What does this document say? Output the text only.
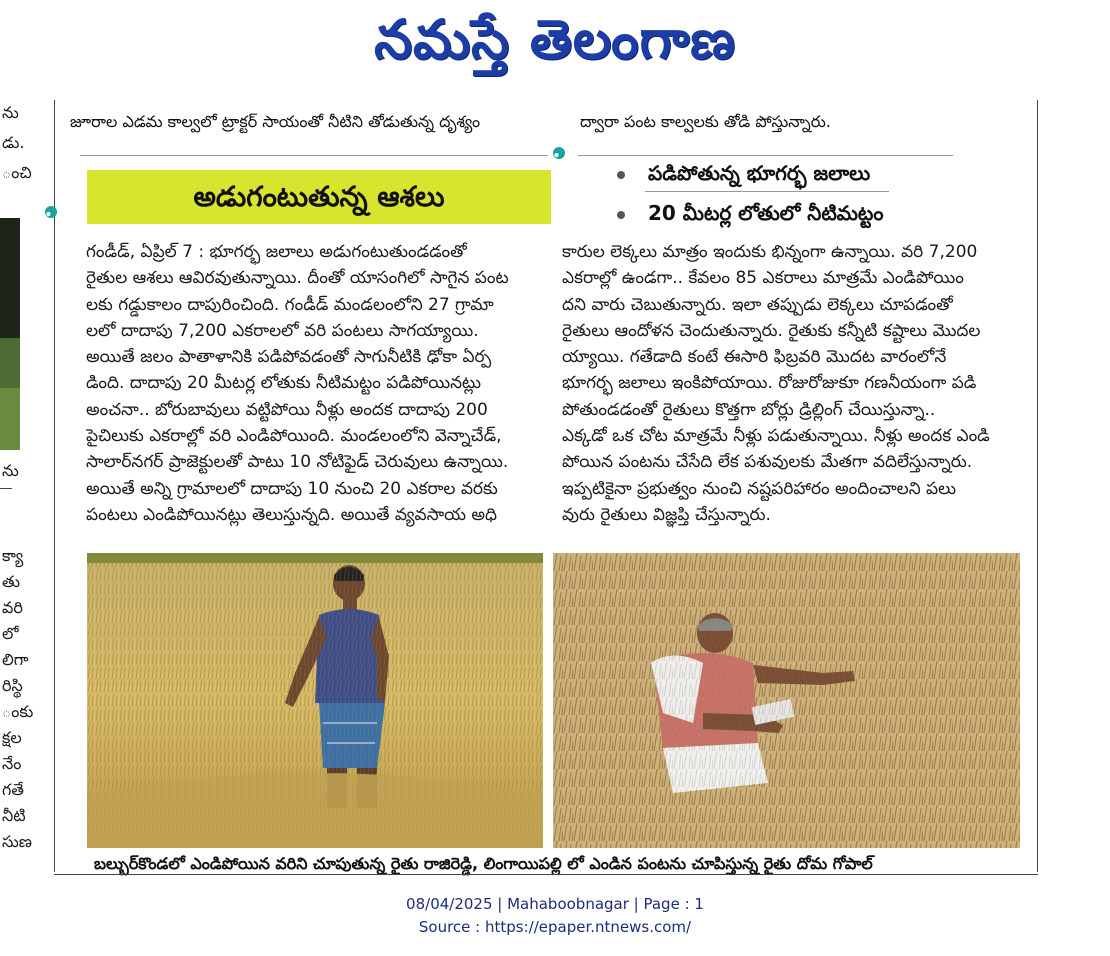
నమస్తే తెలంగాణ
ను
డు.
ంచి
ను
క్యా
తు
వరి
లో
లిగా
రిస్థి
ంకు
క్షల
నేం
గతే
నీటి
సుణ
జూరాల ఎడమ కాల్వలో ట్రాక్టర్ సాయంతో నీటిని తోడుతున్న దృశ్యం	ద్వారా పంట కాల్వలకు తోడి పోస్తున్నారు.
అడుగంటుతున్న ఆశలు
పడిపోతున్న భూగర్భ జలాలు
20 మీటర్ల లోతులో నీటిమట్టం

గండీడ్, ఏప్రిల్ 7 : భూగర్భ జలాలు అడుగంటుతుండడంతో

రైతుల ఆశలు ఆవిరవుతున్నాయి. దీంతో యాసంగిలో సాగైన పంట

లకు గడ్డుకాలం దాపురించింది. గండీడ్ మండలంలోని 27 గ్రామా

లలో దాదాపు 7,200 ఎకరాలలో వరి పంటలు సాగయ్యాయి.

అయితే జలం పాతాళానికి పడిపోవడంతో సాగునీటికి ఢోకా ఏర్ప

డింది. దాదాపు 20 మీటర్ల లోతుకు నీటిమట్టం పడిపోయినట్లు

అంచనా.. బోరుబావులు వట్టిపోయి నీళ్లు అందక దాదాపు 200

పైచిలుకు ఎకరాల్లో వరి ఎండిపోయింది. మండలంలోని వెన్నాచేడ్,

సాలార్‌నగర్ ప్రాజెక్టులతో పాటు 10 నోటిఫైడ్ చెరువులు ఉన్నాయి.

అయితే అన్ని గ్రామాలలో దాదాపు 10 నుంచి 20 ఎకరాల వరకు

పంటలు ఎండిపోయినట్లు తెలుస్తున్నది. అయితే వ్యవసాయ అధి

కారుల లెక్కలు మాత్రం ఇందుకు భిన్నంగా ఉన్నాయి. వరి 7,200

ఎకరాల్లో ఉండగా.. కేవలం 85 ఎకరాలు మాత్రమే ఎండిపోయిం

దని వారు చెబుతున్నారు. ఇలా తప్పుడు లెక్కలు చూపడంతో

రైతులు ఆందోళన చెందుతున్నారు. రైతుకు కన్నీటి కష్టాలు మొదల

య్యాయి. గతేడాది కంటే ఈసారి ఫిబ్రవరి మొదట వారంలోనే

భూగర్భ జలాలు ఇంకిపోయాయి. రోజురోజుకూ గణనీయంగా పడి

పోతుండడంతో రైతులు కొత్తగా బోర్లు డ్రిల్లింగ్ చేయిస్తున్నా..

ఎక్కడో ఒక చోట మాత్రమే నీళ్లు పడుతున్నాయి. నీళ్లు అందక ఎండి

పోయిన పంటను చేసేది లేక పశువులకు మేతగా వదిలేస్తున్నారు.

ఇప్పటికైనా ప్రభుత్వం నుంచి నష్టపరిహారం అందించాలని పలు

వురు రైతులు విజ్ఞప్తి చేస్తున్నారు.

బల్బుర్‌కొండలో ఎండిపోయిన వరిని చూపుతున్న రైతు రాజిరెడ్డి, లింగాయిపల్లి లో ఎండిన పంటను చూపిస్తున్న రైతు దోమ గోపాల్
08/04/2025 | Mahaboobnagar | Page : 1
Source : https://epaper.ntnews.com/
